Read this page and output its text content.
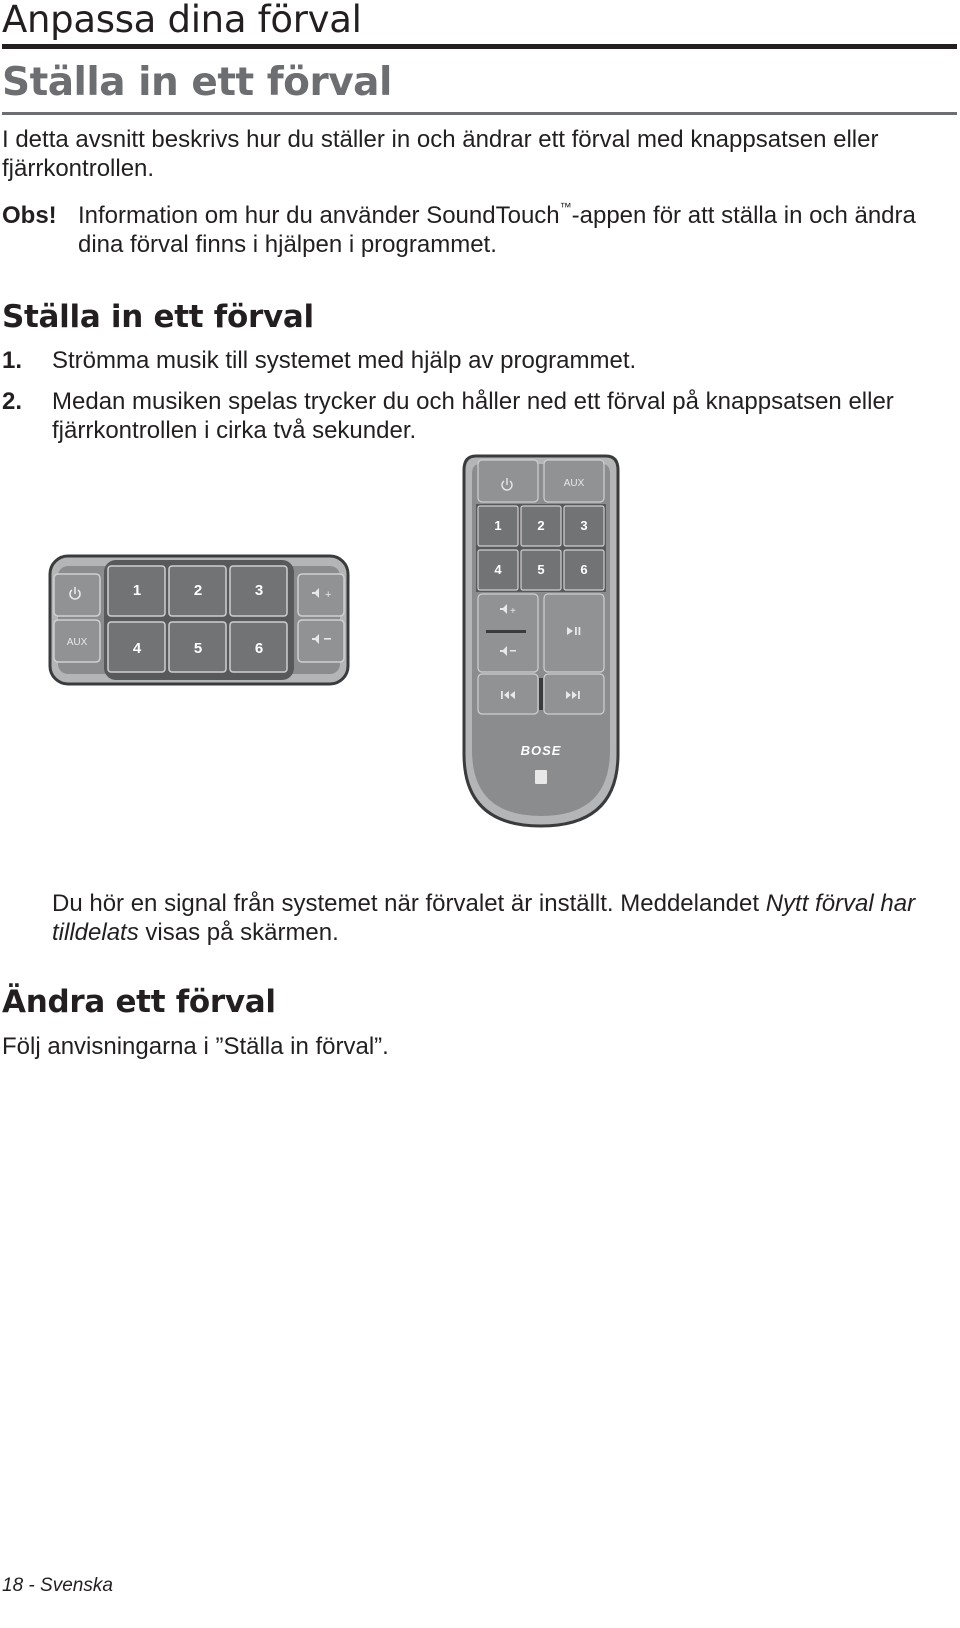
Anpassa dina förval
Ställa in ett förval

I detta avsnitt beskrivs hur du ställer in och ändrar ett förval med knappsatsen eller fjärrkontrollen.

Obs! Information om hur du använder SoundTouch™-appen för att ställa in och ändra dina förval finns i hjälpen i programmet.
Ställa in ett förval
1. Strömma musik till systemet med hjälp av programmet.
2. Medan musiken spelas trycker du och håller ned ett förval på knappsatsen eller fjärrkontrollen i cirka två sekunder.
AUX
1	2	3
4	5	6
+
AUX
1	2	3
4	5	6
+
BOSE

Du hör en signal från systemet när förvalet är inställt. Meddelandet Nytt förval har tilldelats visas på skärmen.

Ändra ett förval

Följ anvisningarna i ”Ställa in förval”.

18 - Svenska
